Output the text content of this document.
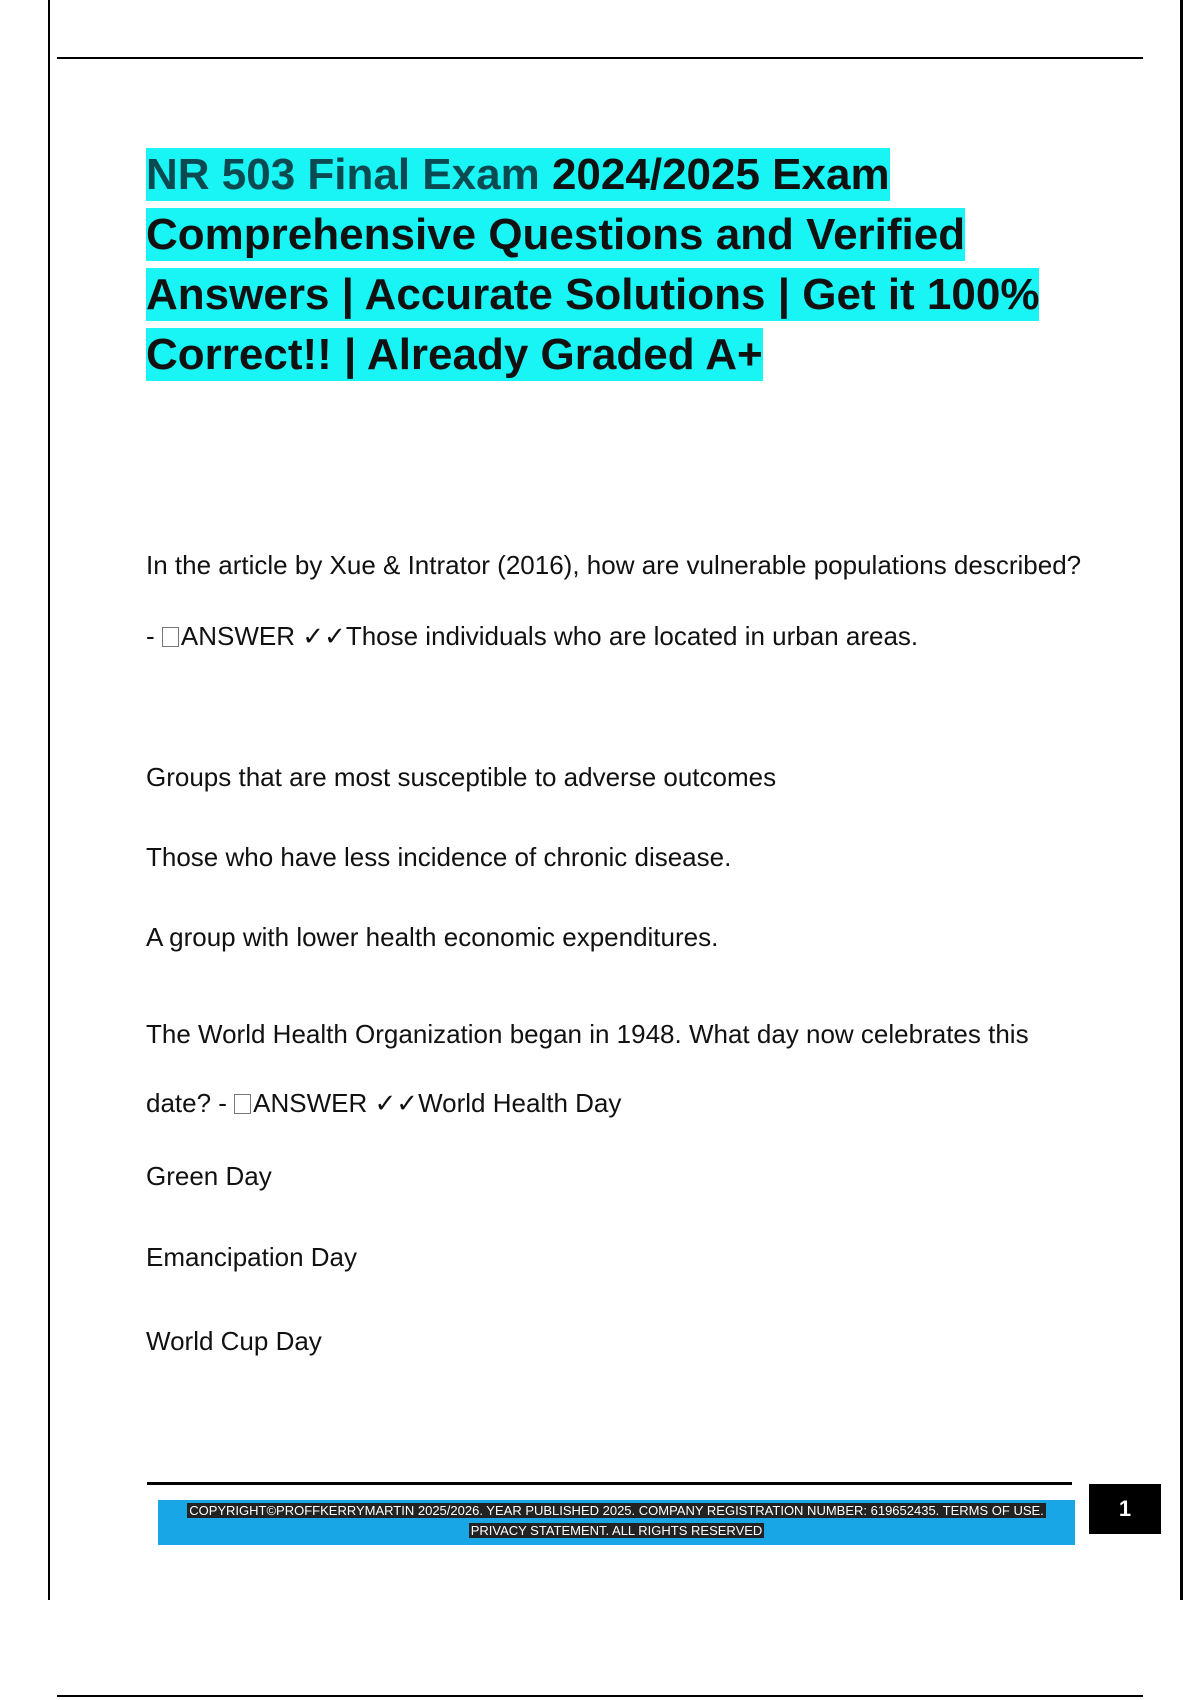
NR 503 Final Exam 2024/2025 Exam Comprehensive Questions and Verified Answers | Accurate Solutions | Get it 100% Correct!! | Already Graded A+

In the article by Xue & Intrator (2016), how are vulnerable populations described? - ANSWER ✓✓Those individuals who are located in urban areas.

Groups that are most susceptible to adverse outcomes

Those who have less incidence of chronic disease.

A group with lower health economic expenditures.

The World Health Organization began in 1948. What day now celebrates this date? - ANSWER ✓✓World Health Day

Green Day

Emancipation Day

World Cup Day

COPYRIGHT©PROFFKERRYMARTIN 2025/2026. YEAR PUBLISHED 2025. COMPANY REGISTRATION NUMBER: 619652435. TERMS OF USE.
PRIVACY STATEMENT. ALL RIGHTS RESERVED
1
